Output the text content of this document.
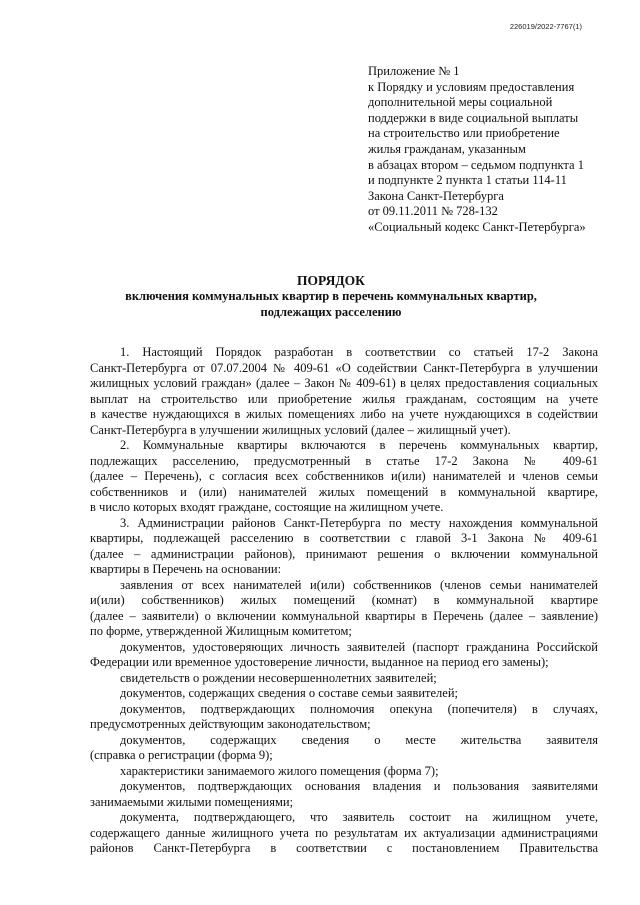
226019/2022-7767(1)

Приложение № 1
к Порядку и условиям предоставления
дополнительной меры социальной
поддержки в виде социальной выплаты
на строительство или приобретение
жилья гражданам, указанным
в абзацах втором – седьмом подпункта 1
и подпункте 2 пункта 1 статьи 114-11
Закона Санкт-Петербурга
от 09.11.2011 № 728-132
«Социальный кодекс Санкт-Петербурга»

ПОРЯДОК

включения коммунальных квартир в перечень коммунальных квартир,

подлежащих расселению

1. Настоящий Порядок разработан в соответствии со статьей 17-2 Закона
Санкт-Петербурга от 07.07.2004 № 409-61 «О содействии Санкт-Петербурга в улучшении
жилищных условий граждан» (далее – Закон № 409-61) в целях предоставления социальных
выплат на строительство или приобретение жилья гражданам, состоящим на учете
в качестве нуждающихся в жилых помещениях либо на учете нуждающихся в содействии
Санкт-Петербурга в улучшении жилищных условий (далее – жилищный учет).
2. Коммунальные квартиры включаются в перечень коммунальных квартир,
подлежащих расселению, предусмотренный в статье 17-2 Закона № 409-61
(далее – Перечень), с согласия всех собственников и(или) нанимателей и членов семьи
собственников и (или) нанимателей жилых помещений в коммунальной квартире,
в число которых входят граждане, состоящие на жилищном учете.
3. Администрации районов Санкт-Петербурга по месту нахождения коммунальной
квартиры, подлежащей расселению в соответствии с главой 3-1 Закона № 409-61
(далее – администрации районов), принимают решения о включении коммунальной
квартиры в Перечень на основании:
заявления от всех нанимателей и(или) собственников (членов семьи нанимателей
и(или) собственников) жилых помещений (комнат) в коммунальной квартире
(далее – заявители) о включении коммунальной квартиры в Перечень (далее – заявление)
по форме, утвержденной Жилищным комитетом;
документов, удостоверяющих личность заявителей (паспорт гражданина Российской
Федерации или временное удостоверение личности, выданное на период его замены);
свидетельств о рождении несовершеннолетних заявителей;
документов, содержащих сведения о составе семьи заявителей;
документов, подтверждающих полномочия опекуна (попечителя) в случаях,
предусмотренных действующим законодательством;
документов, содержащих сведения о месте жительства заявителя
(справка о регистрации (форма 9);
характеристики занимаемого жилого помещения (форма 7);
документов, подтверждающих основания владения и пользования заявителями
занимаемыми жилыми помещениями;
документа, подтверждающего, что заявитель состоит на жилищном учете,
содержащего данные жилищного учета по результатам их актуализации администрациями
районов Санкт-Петербурга в соответствии с постановлением Правительства
